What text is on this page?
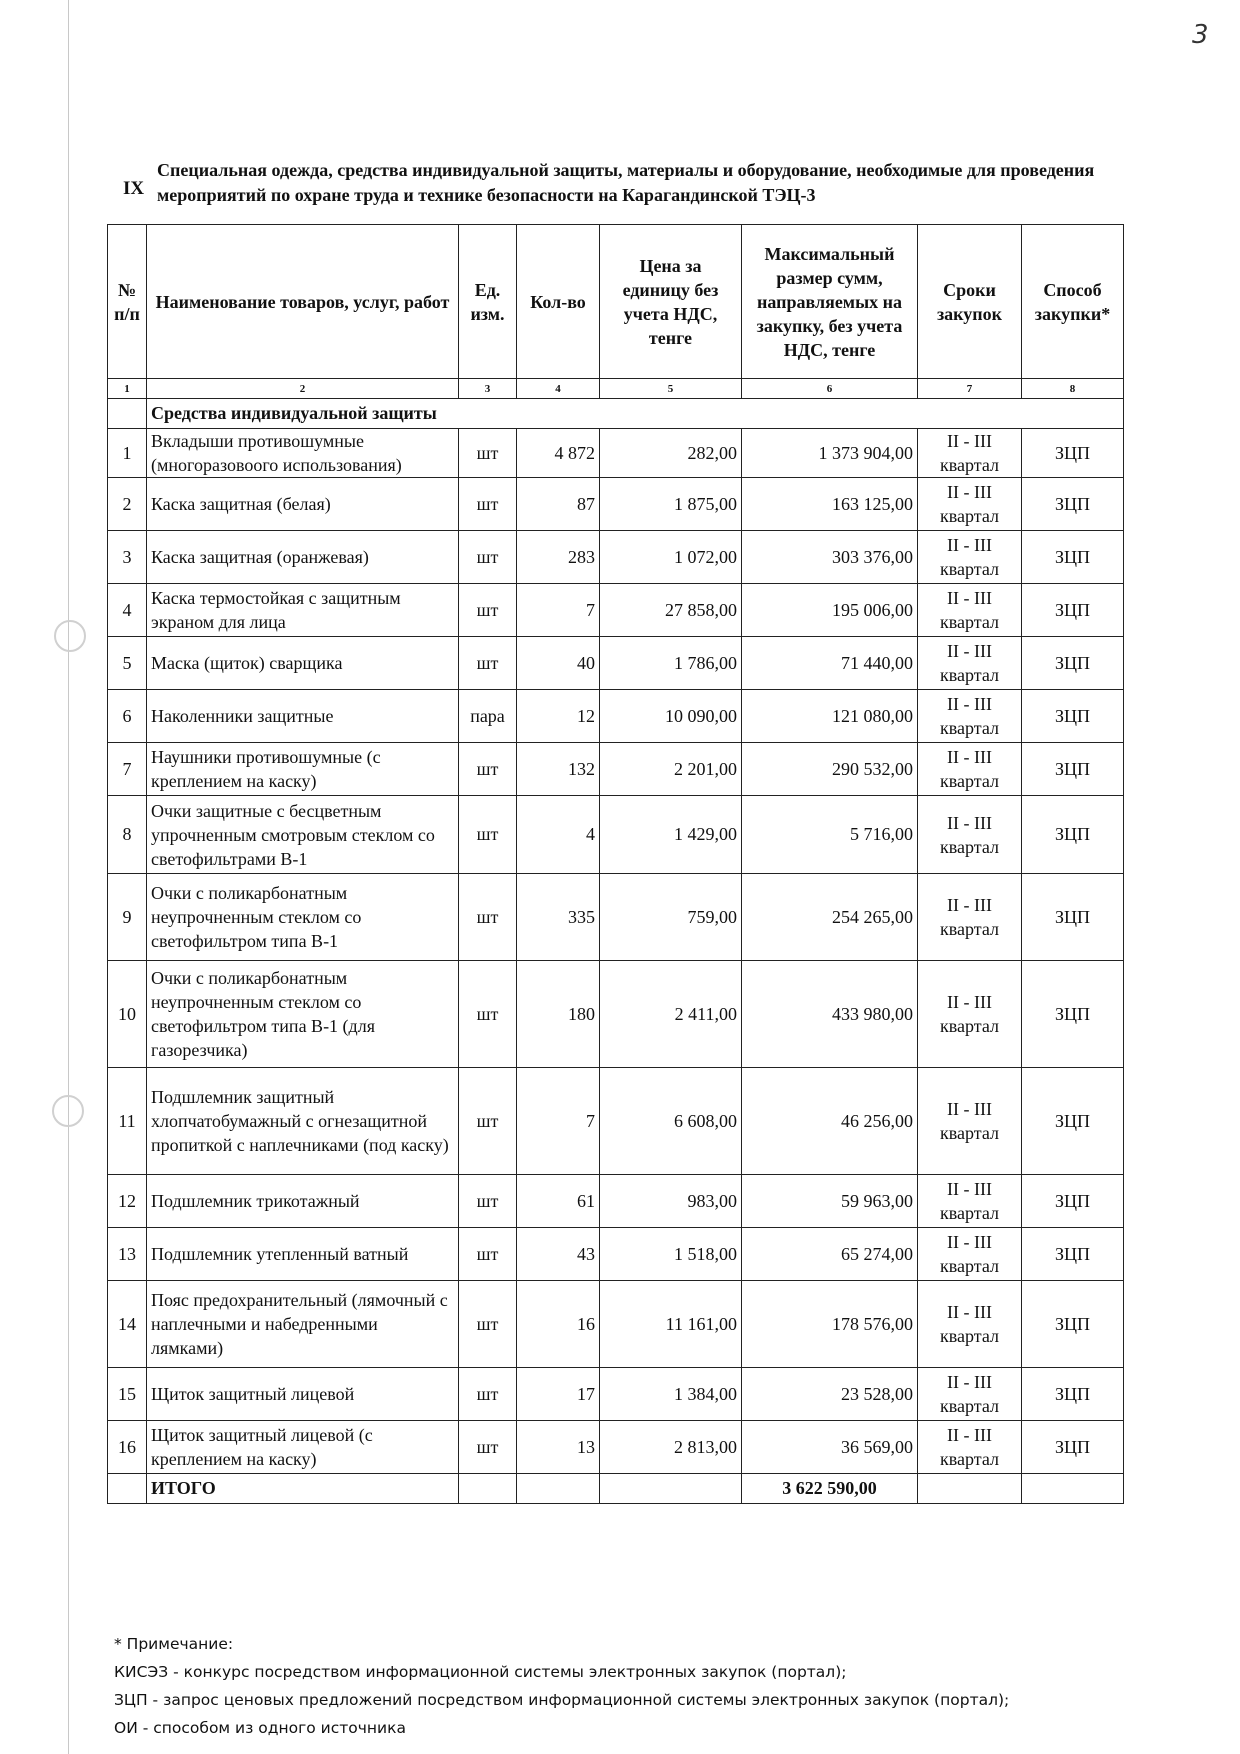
3
IX
Специальная одежда, средства индивидуальной защиты, материалы и оборудование, необходимые для проведения мероприятий по охране труда и технике безопасности на Карагандинской ТЭЦ-3
№ п/п	Наименование товаров, услуг, работ	Ед. изм.	Кол-во	Цена за единицу без учета НДС, тенге	Максимальный размер сумм, направляемых на закупку, без учета НДС, тенге	Сроки закупок	Способ закупки*
1	2	3	4	5	6	7	8
	Средства индивидуальной защиты						
1	Вкладыши противошумные (многоразовоого использования)	шт	4 872	282,00	1 373 904,00	II - III квартал	ЗЦП
2	Каска защитная (белая)	шт	87	1 875,00	163 125,00	II - III квартал	ЗЦП
3	Каска защитная (оранжевая)	шт	283	1 072,00	303 376,00	II - III квартал	ЗЦП
4	Каска термостойкая с защитным экраном для лица	шт	7	27 858,00	195 006,00	II - III квартал	ЗЦП
5	Маска (щиток) сварщика	шт	40	1 786,00	71 440,00	II - III квартал	ЗЦП
6	Наколенники защитные	пара	12	10 090,00	121 080,00	II - III квартал	ЗЦП
7	Наушники противошумные (с креплением на каску)	шт	132	2 201,00	290 532,00	II - III квартал	ЗЦП
8	Очки защитные с бесцветным упрочненным смотровым стеклом со светофильтрами В-1	шт	4	1 429,00	5 716,00	II - III квартал	ЗЦП
9	Очки с поликарбонатным неупрочненным стеклом со светофильтром типа В-1	шт	335	759,00	254 265,00	II - III квартал	ЗЦП
10	Очки с поликарбонатным неупрочненным стеклом со светофильтром типа В-1 (для газорезчика)	шт	180	2 411,00	433 980,00	II - III квартал	ЗЦП
11	Подшлемник защитный хлопчатобумажный с огнезащитной пропиткой с наплечниками (под каску)	шт	7	6 608,00	46 256,00	II - III квартал	ЗЦП
12	Подшлемник трикотажный	шт	61	983,00	59 963,00	II - III квартал	ЗЦП
13	Подшлемник утепленный ватный	шт	43	1 518,00	65 274,00	II - III квартал	ЗЦП
14	Пояс предохранительный (лямочный с наплечными и набедренными лямками)	шт	16	11 161,00	178 576,00	II - III квартал	ЗЦП
15	Щиток защитный лицевой	шт	17	1 384,00	23 528,00	II - III квартал	ЗЦП
16	Щиток защитный лицевой (с креплением на каску)	шт	13	2 813,00	36 569,00	II - III квартал	ЗЦП
	ИТОГО				3 622 590,00		
* Примечание:
КИСЭЗ - конкурс посредством информационной системы электронных закупок (портал);
ЗЦП - запрос ценовых предложений посредством информационной системы электронных закупок (портал);
ОИ - способом из одного источника
